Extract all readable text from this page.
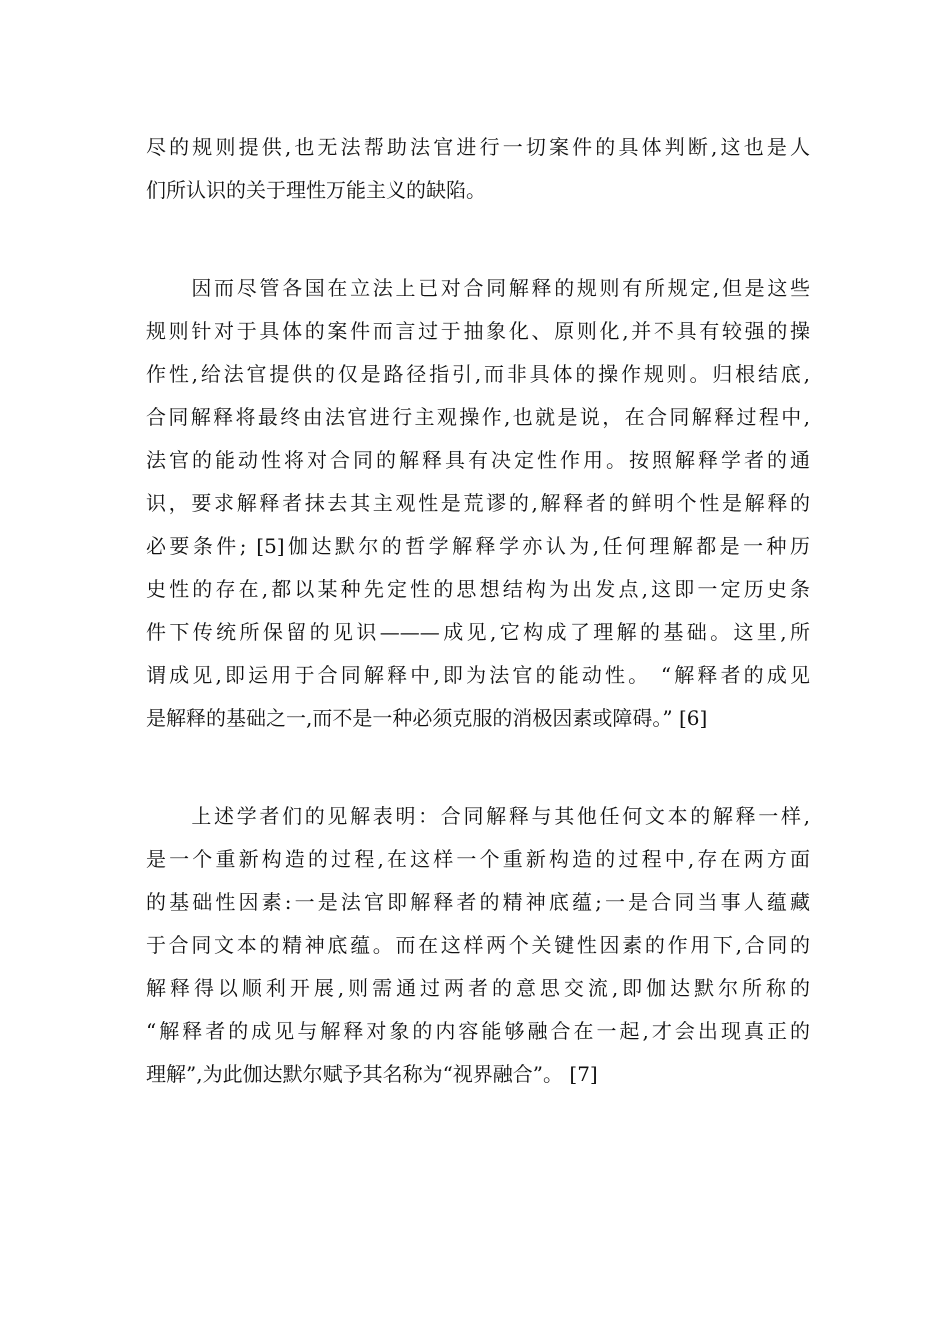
尽的规则提供,也无法帮助法官进行一切案件的具体判断,这也是人
们所认识的关于理性万能主义的缺陷。
　　因而尽管各国在立法上已对合同解释的规则有所规定,但是这些
规则针对于具体的案件而言过于抽象化、原则化,并不具有较强的操
作性,给法官提供的仅是路径指引,而非具体的操作规则。归根结底,
合同解释将最终由法官进行主观操作,也就是说，在合同解释过程中,
法官的能动性将对合同的解释具有决定性作用。按照解释学者的通
识，要求解释者抹去其主观性是荒谬的,解释者的鲜明个性是解释的
必要条件; [5]伽达默尔的哲学解释学亦认为,任何理解都是一种历
史性的存在,都以某种先定性的思想结构为出发点,这即一定历史条
件下传统所保留的见识———成见,它构成了理解的基础。这里,所
谓成见,即运用于合同解释中,即为法官的能动性。 “解释者的成见
是解释的基础之一,而不是一种必须克服的消极因素或障碍。” [6]
　　上述学者们的见解表明：合同解释与其他任何文本的解释一样,
是一个重新构造的过程,在这样一个重新构造的过程中,存在两方面
的基础性因素:一是法官即解释者的精神底蕴;一是合同当事人蕴藏
于合同文本的精神底蕴。而在这样两个关键性因素的作用下,合同的
解释得以顺利开展,则需通过两者的意思交流,即伽达默尔所称的
“解释者的成见与解释对象的内容能够融合在一起,才会出现真正的
理解”,为此伽达默尔赋予其名称为“视界融合”。 [7]
